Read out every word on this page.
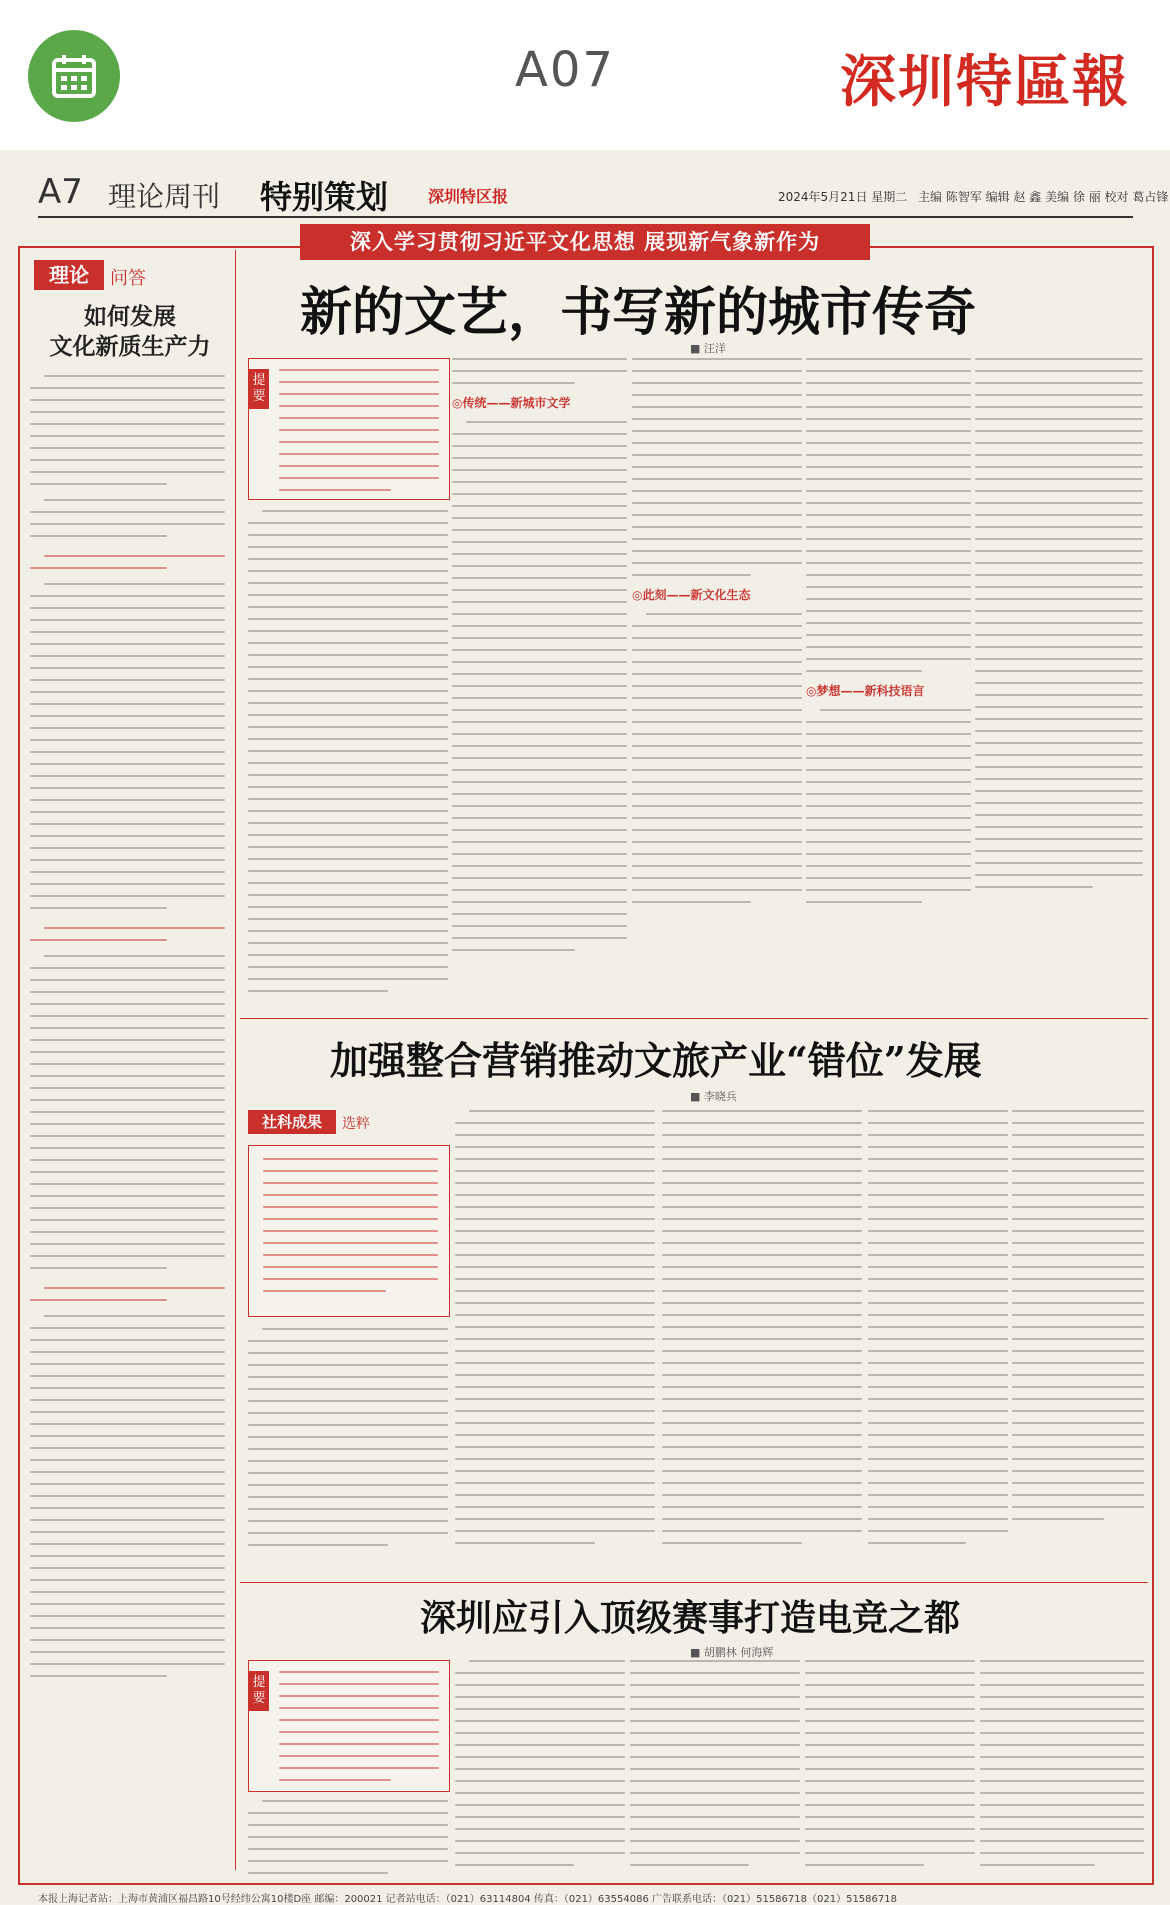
A07	深圳特區報
A7 理论周刊 特别策划 深圳特区报	2024年5月21日 星期二 主编 陈智军 编辑 赵 鑫 美编 徐 丽 校对 葛占锋
深入学习贯彻习近平文化思想 展现新气象新作为
理论	问答
如何发展
文化新质生产力
新的文艺，书写新的城市传奇
■ 汪洋
提要	◎传统——新城市文学
◎此刻——新文化生态
◎梦想——新科技语言
加强整合营销推动文旅产业“错位”发展
■ 李晓兵
社科成果	选粹
深圳应引入顶级赛事打造电竞之都
■ 胡鹏林 何海辉
提要
本报上海记者站：上海市黄浦区福昌路10号经纬公寓10楼D座 邮编：200021 记者站电话：（021）63114804 传真：（021）63554086 广告联系电话：（021）51586718（021）51586718
